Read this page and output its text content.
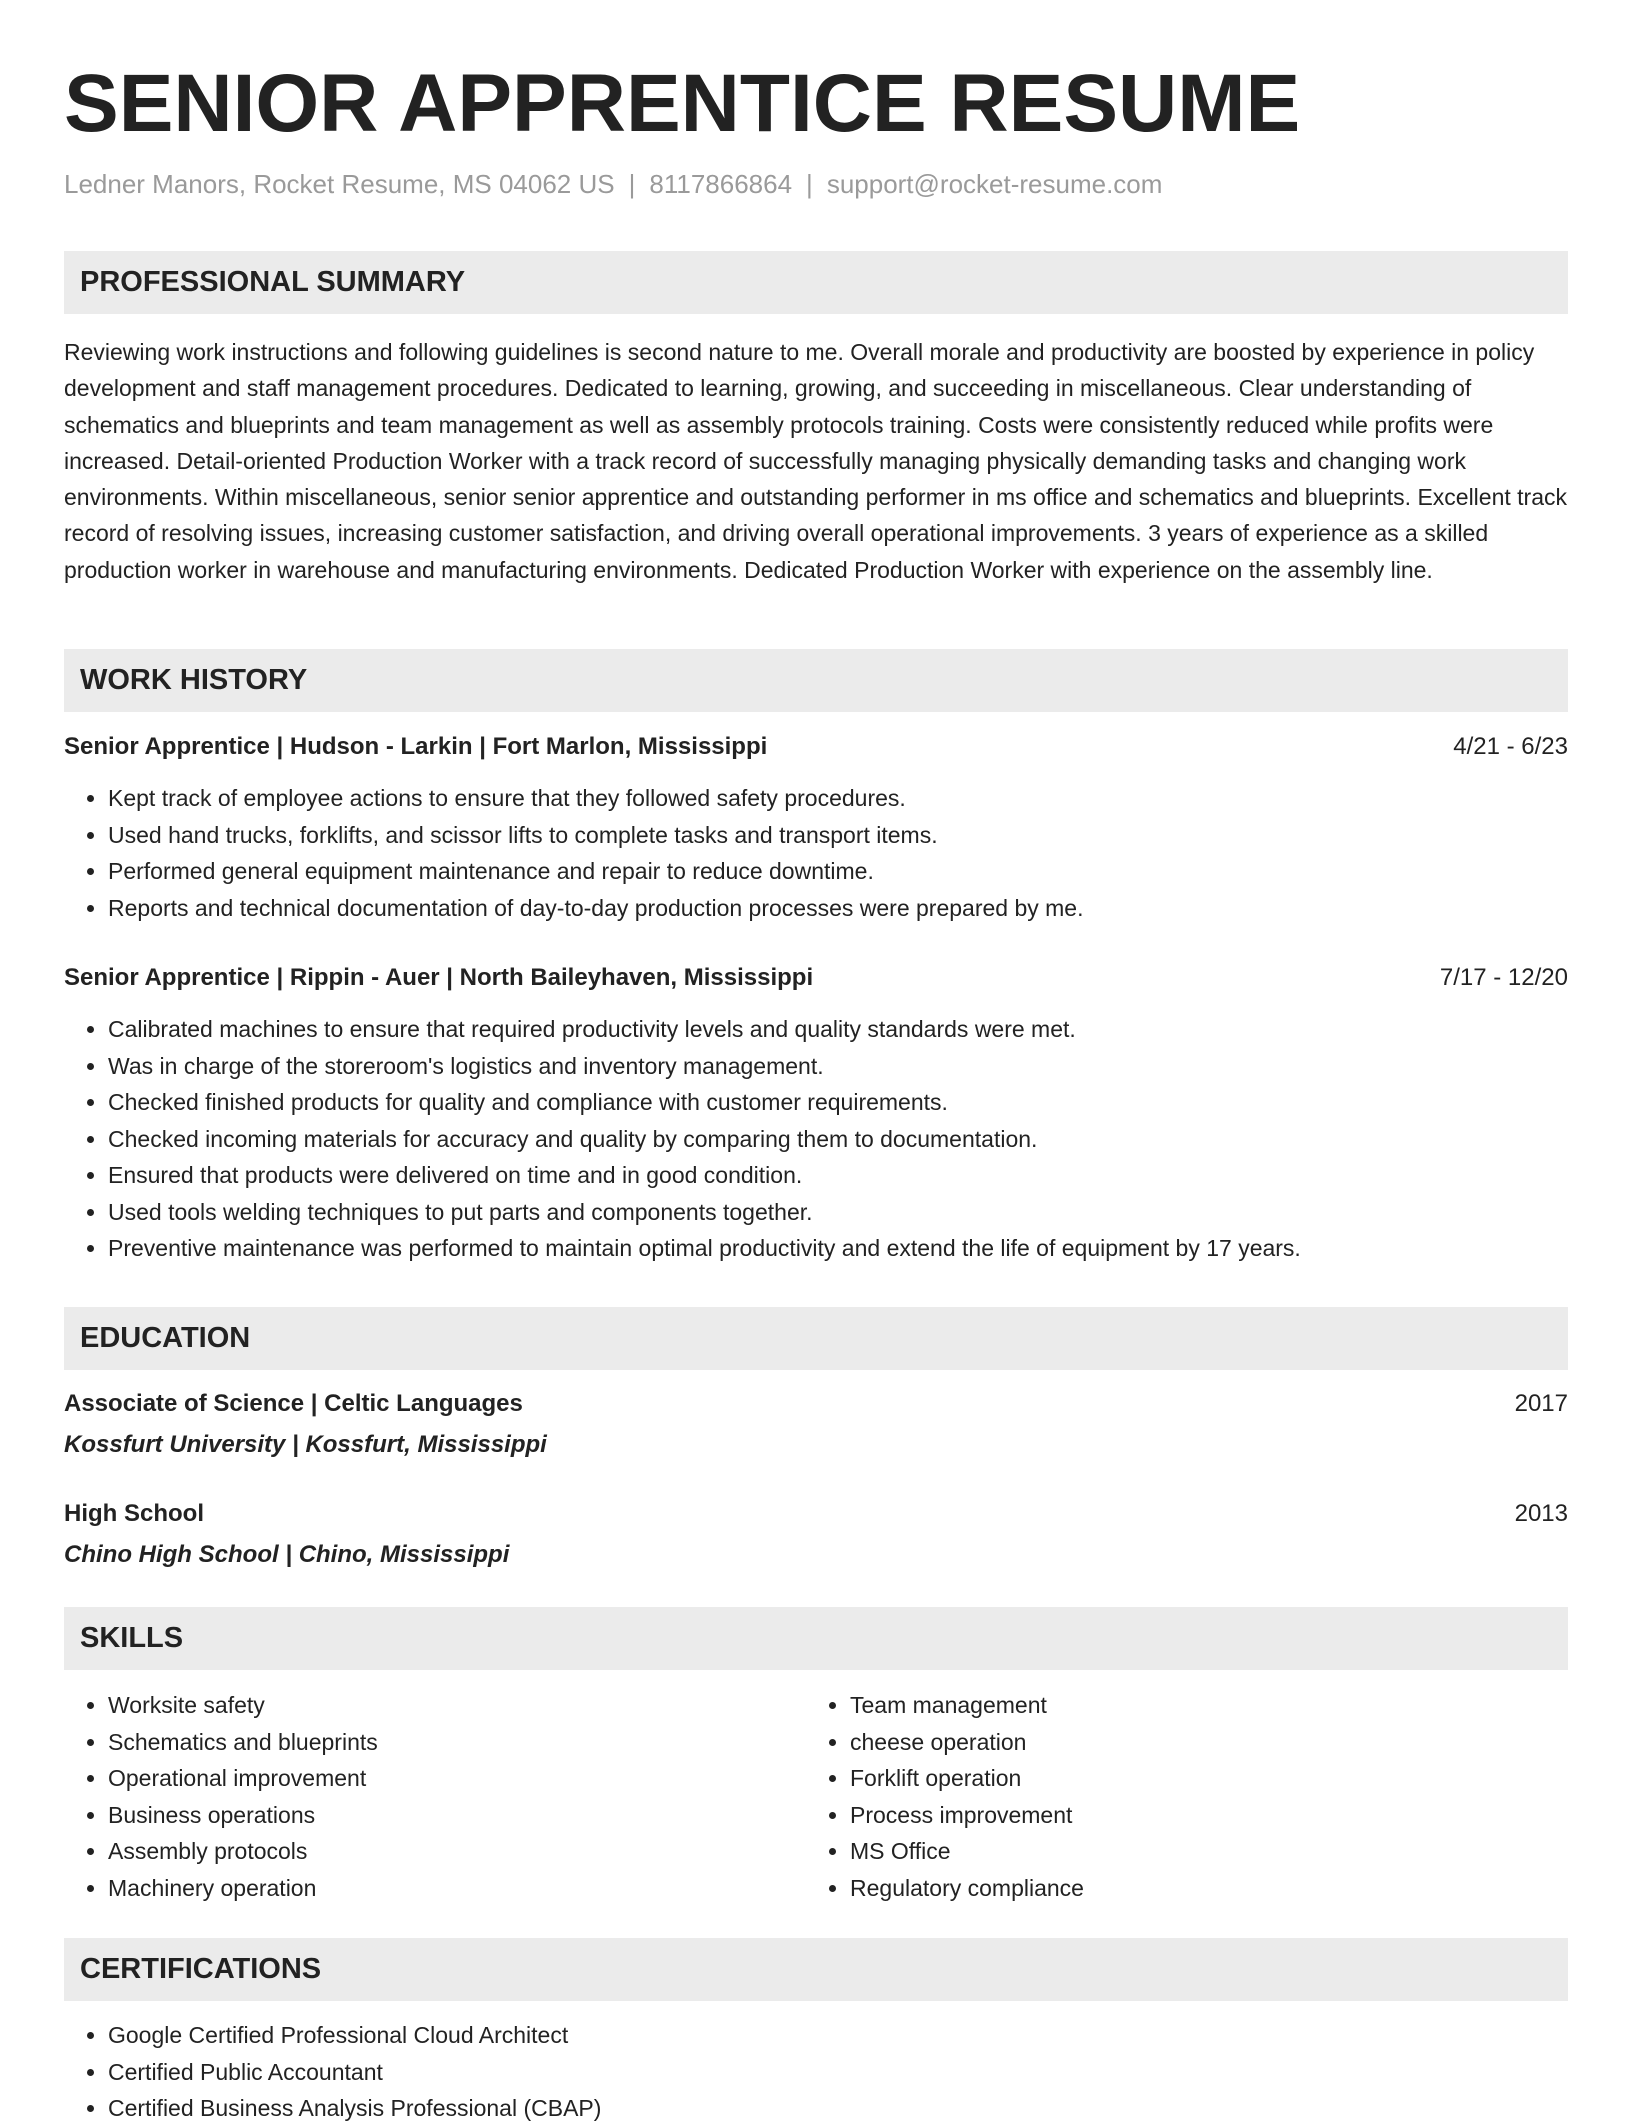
SENIOR APPRENTICE RESUME
Ledner Manors, Rocket Resume, MS 04062 US | 8117866864 | support@rocket-resume.com
PROFESSIONAL SUMMARY

Reviewing work instructions and following guidelines is second nature to me. Overall morale and productivity are boosted by experience in policy development and staff management procedures. Dedicated to learning, growing, and succeeding in miscellaneous. Clear understanding of schematics and blueprints and team management as well as assembly protocols training. Costs were consistently reduced while profits were increased. Detail-oriented Production Worker with a track record of successfully managing physically demanding tasks and changing work environments. Within miscellaneous, senior senior apprentice and outstanding performer in ms office and schematics and blueprints. Excellent track record of resolving issues, increasing customer satisfaction, and driving overall operational improvements. 3 years of experience as a skilled production worker in warehouse and manufacturing environments. Dedicated Production Worker with experience on the assembly line.

WORK HISTORY
Senior Apprentice | Hudson - Larkin | Fort Marlon, Mississippi	4/21 - 6/23
• Kept track of employee actions to ensure that they followed safety procedures.
• Used hand trucks, forklifts, and scissor lifts to complete tasks and transport items.
• Performed general equipment maintenance and repair to reduce downtime.
• Reports and technical documentation of day-to-day production processes were prepared by me.
Senior Apprentice | Rippin - Auer | North Baileyhaven, Mississippi	7/17 - 12/20
• Calibrated machines to ensure that required productivity levels and quality standards were met.
• Was in charge of the storeroom's logistics and inventory management.
• Checked finished products for quality and compliance with customer requirements.
• Checked incoming materials for accuracy and quality by comparing them to documentation.
• Ensured that products were delivered on time and in good condition.
• Used tools welding techniques to put parts and components together.
• Preventive maintenance was performed to maintain optimal productivity and extend the life of equipment by 17 years.
EDUCATION
Associate of Science | Celtic Languages	2017
Kossfurt University | Kossfurt, Mississippi
High School	2013
Chino High School | Chino, Mississippi
SKILLS
• Worksite safety
• Schematics and blueprints
• Operational improvement
• Business operations
• Assembly protocols
• Machinery operation
• Team management
• cheese operation
• Forklift operation
• Process improvement
• MS Office
• Regulatory compliance
CERTIFICATIONS
• Google Certified Professional Cloud Architect
• Certified Public Accountant
• Certified Business Analysis Professional (CBAP)
